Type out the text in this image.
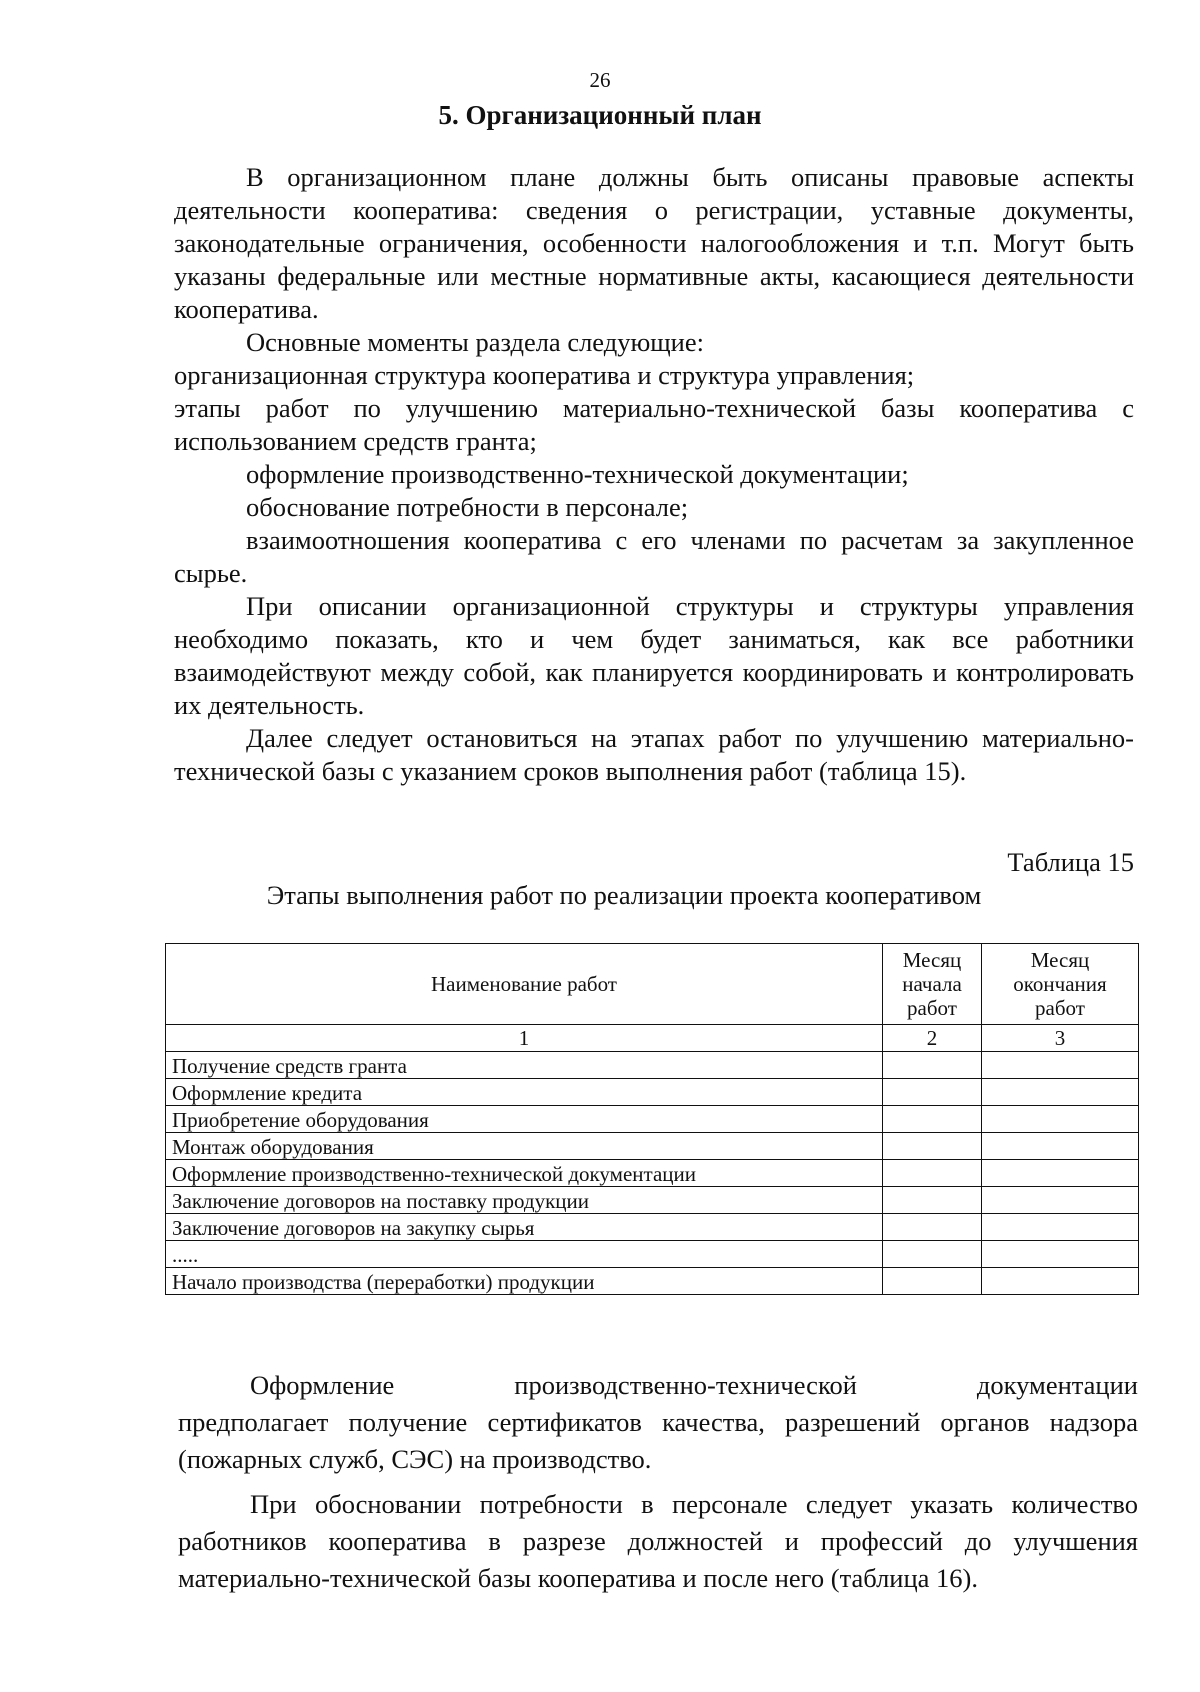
26
5. Организационный план

В организационном плане должны быть описаны правовые аспекты деятельности кооператива: сведения о регистрации, уставные документы, законодательные ограничения, особенности налогообложения и т.п. Могут быть указаны федеральные или местные нормативные акты, касающиеся деятельности кооператива.

Основные моменты раздела следующие:

организационная структура кооператива и структура управления;

этапы работ по улучшению материально-технической базы кооператива с использованием средств гранта;

оформление производственно-технической документации;

обоснование потребности в персонале;

взаимоотношения кооператива с его членами по расчетам за закупленное сырье.

При описании организационной структуры и структуры управления необходимо показать, кто и чем будет заниматься, как все работники взаимодействуют между собой, как планируется координировать и контролировать их деятельность.

Далее следует остановиться на этапах работ по улучшению материально-технической базы с указанием сроков выполнения работ (таблица 15).

Таблица 15
Этапы выполнения работ по реализации проекта кооперативом
Наименование работ	Месяц начала работ	Месяц окончания работ
1	2	3
Получение средств гранта		
Оформление кредита		
Приобретение оборудования		
Монтаж оборудования		
Оформление производственно-технической документации		
Заключение договоров на поставку продукции		
Заключение договоров на закупку сырья		
.....		
Начало производства (переработки) продукции		
Оформление	производственно-технической	документации

предполагает получение сертификатов качества, разрешений органов надзора (пожарных служб, СЭС) на производство.

При обосновании потребности в персонале следует указать количество работников кооператива в разрезе должностей и профессий до улучшения материально-технической базы кооператива и после него (таблица 16).
